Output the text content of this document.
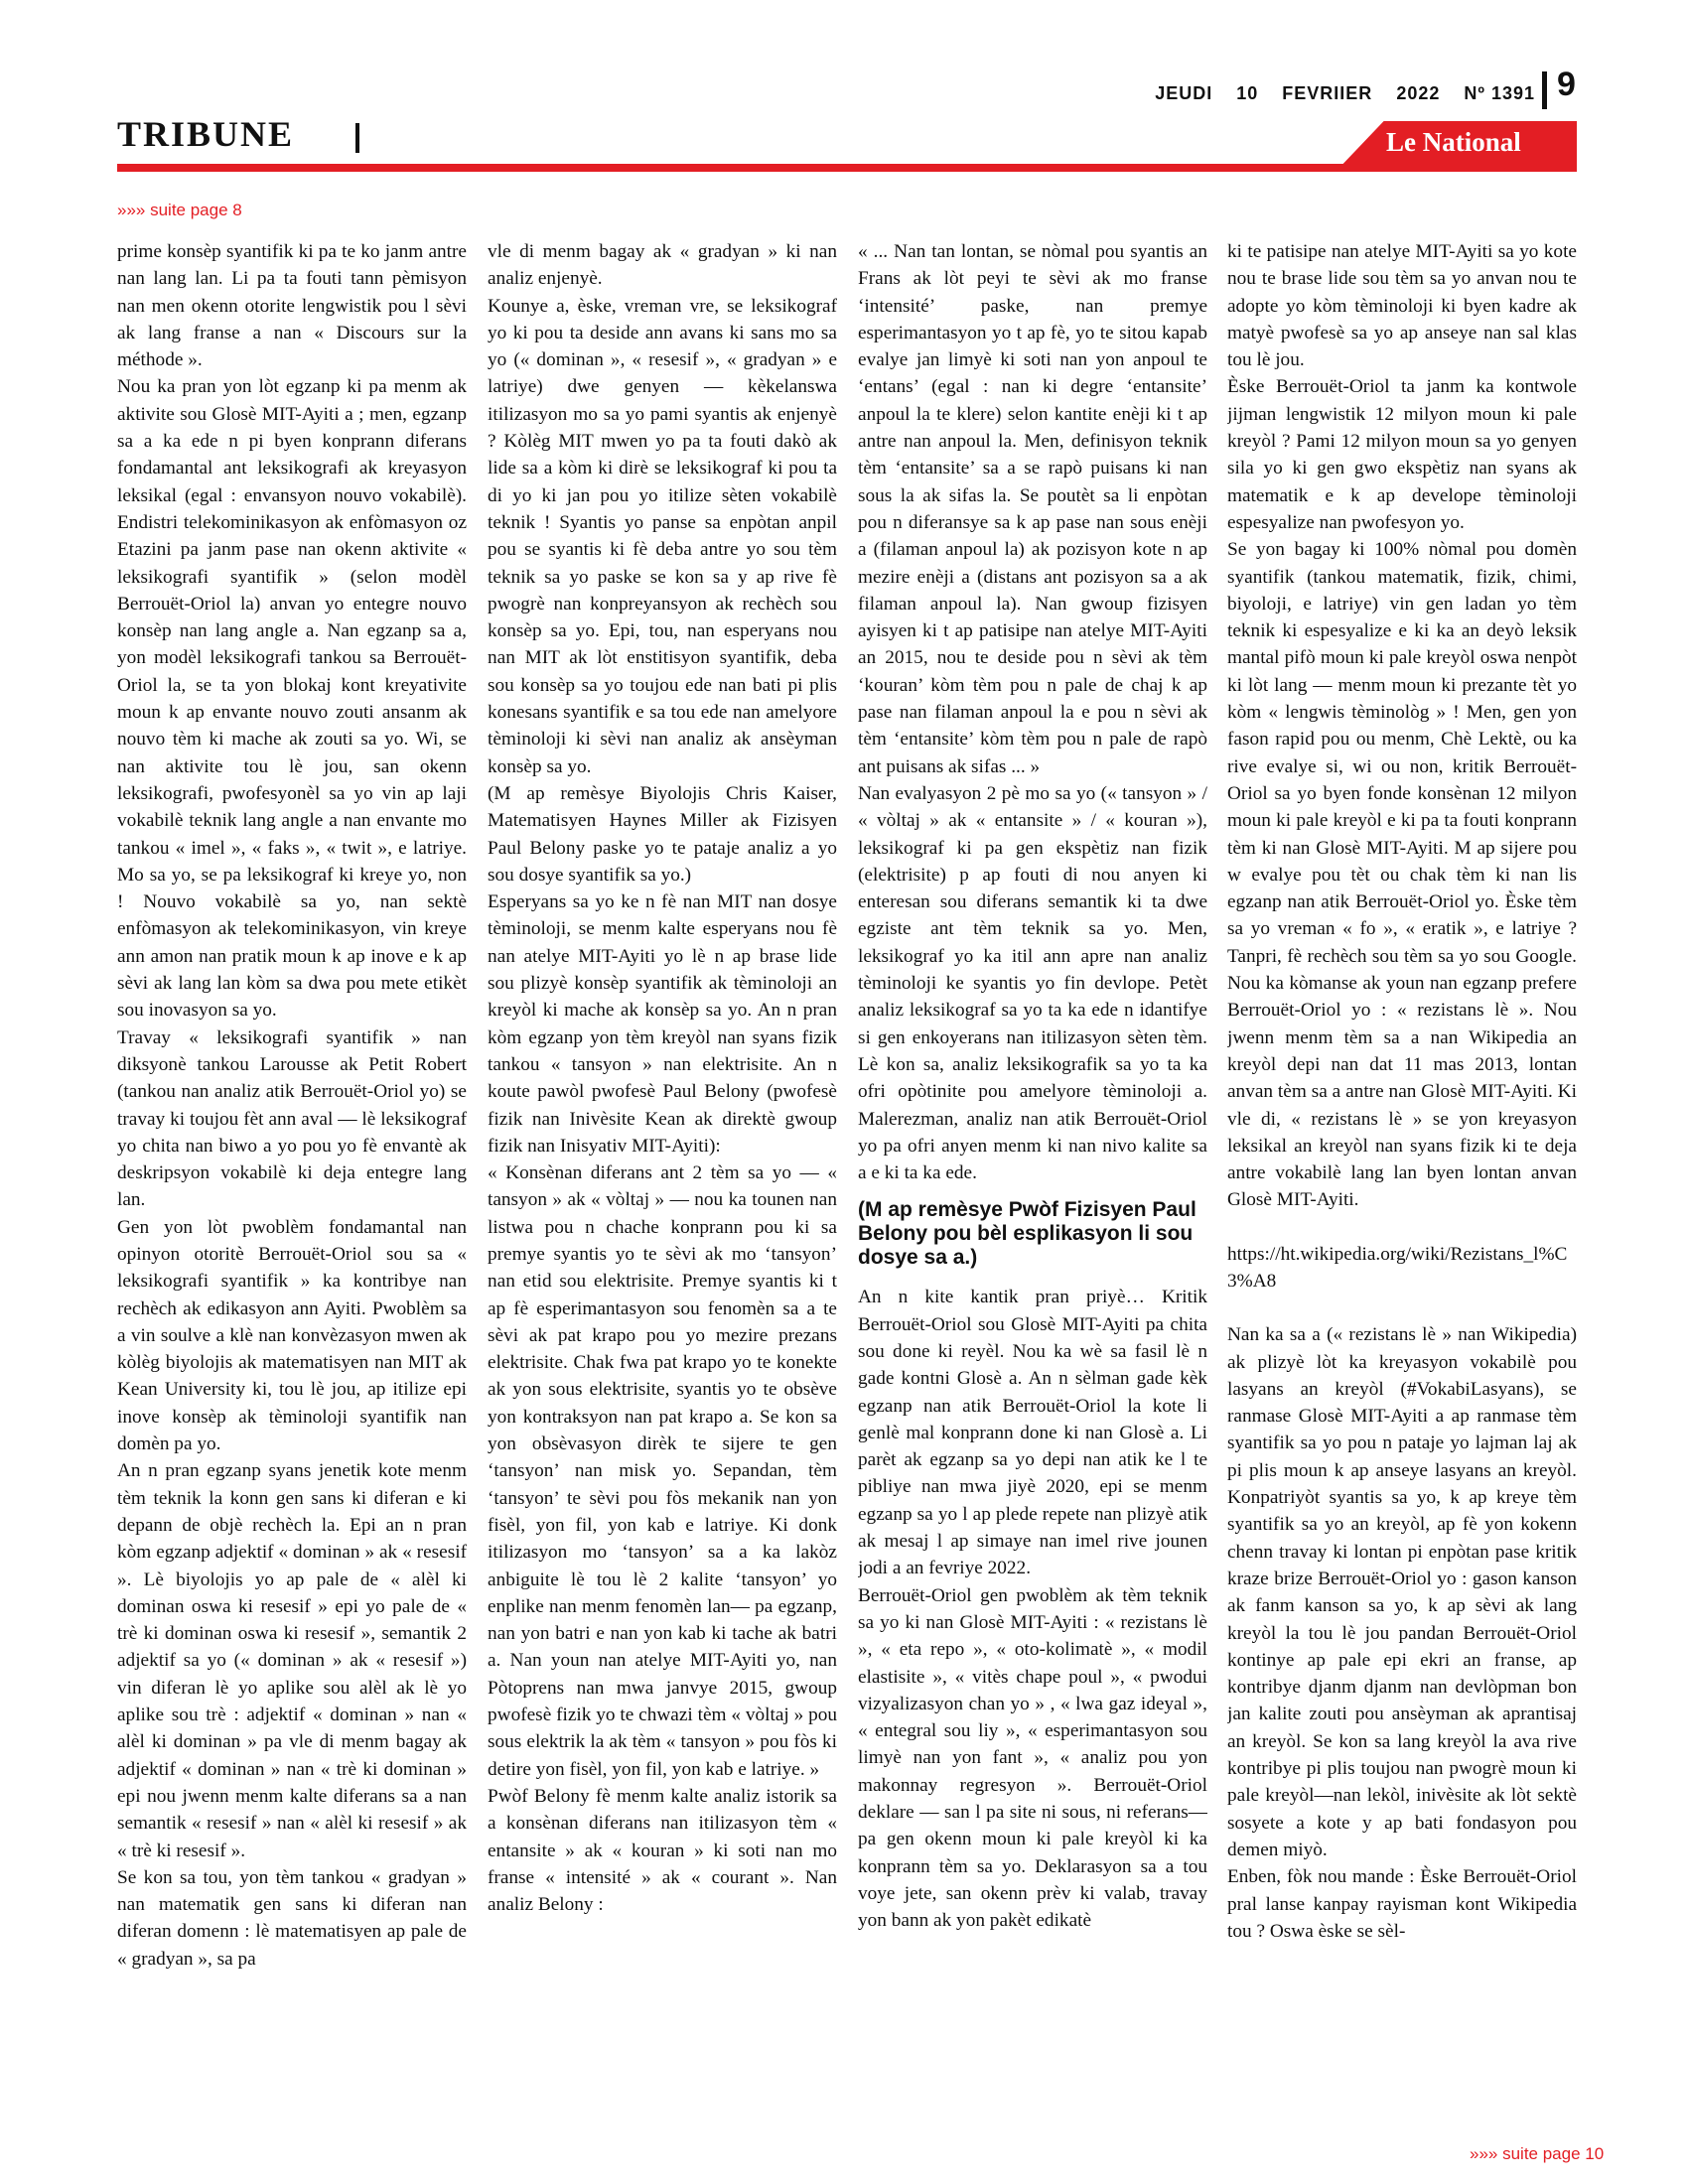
JEUDI 10 FEVRIIER 2022 Nº 1391 9
TRIBUNE	Le National
»»» suite page 8

prime konsèp syantifik ki pa te ko janm antre nan lang lan. Li pa ta fouti tann pèmisyon nan men okenn otorite lengwistik pou l sèvi ak lang franse a nan « Discours sur la méthode ».

Nou ka pran yon lòt egzanp ki pa menm ak aktivite sou Glosè MIT-Ayiti a ; men, egzanp sa a ka ede n pi byen konprann diferans fondamantal ant leksikografi ak kreyasyon leksikal (egal : envansyon nouvo vokabilè). Endistri telekominikasyon ak enfòmasyon oz Etazini pa janm pase nan okenn aktivite « leksikografi syantifik » (selon modèl Berrouët-Oriol la) anvan yo entegre nouvo konsèp nan lang angle a. Nan egzanp sa a, yon modèl leksikografi tankou sa Berrouët-Oriol la, se ta yon blokaj kont kreyativite moun k ap envante nouvo zouti ansanm ak nouvo tèm ki mache ak zouti sa yo. Wi, se nan aktivite tou lè jou, san okenn leksikografi, pwofesyonèl sa yo vin ap laji vokabilè teknik lang angle a nan envante mo tankou « imel », « faks », « twit », e latriye. Mo sa yo, se pa leksikograf ki kreye yo, non ! Nouvo vokabilè sa yo, nan sektè enfòmasyon ak telekominikasyon, vin kreye ann amon nan pratik moun k ap inove e k ap sèvi ak lang lan kòm sa dwa pou mete etikèt sou inovasyon sa yo.

Travay « leksikografi syantifik » nan diksyonè tankou Larousse ak Petit Robert (tankou nan analiz atik Berrouët-Oriol yo) se travay ki toujou fèt ann aval — lè leksikograf yo chita nan biwo a yo pou yo fè envantè ak deskripsyon vokabilè ki deja entegre lang lan.

Gen yon lòt pwoblèm fondamantal nan opinyon otoritè Berrouët-Oriol sou sa « leksikografi syantifik » ka kontribye nan rechèch ak edikasyon ann Ayiti. Pwoblèm sa a vin soulve a klè nan konvèzasyon mwen ak kòlèg biyolojis ak matematisyen nan MIT ak Kean University ki, tou lè jou, ap itilize epi inove konsèp ak tèminoloji syantifik nan domèn pa yo.

An n pran egzanp syans jenetik kote menm tèm teknik la konn gen sans ki diferan e ki depann de objè rechèch la. Epi an n pran kòm egzanp adjektif « dominan » ak « resesif ». Lè biyolojis yo ap pale de « alèl ki dominan oswa ki resesif » epi yo pale de « trè ki dominan oswa ki resesif », semantik 2 adjektif sa yo (« dominan » ak « resesif ») vin diferan lè yo aplike sou alèl ak lè yo aplike sou trè : adjektif « dominan » nan « alèl ki dominan » pa vle di menm bagay ak adjektif « dominan » nan « trè ki dominan » epi nou jwenn menm kalte diferans sa a nan semantik « resesif » nan « alèl ki resesif » ak « trè ki resesif ».

Se kon sa tou, yon tèm tankou « gradyan » nan matematik gen sans ki diferan nan diferan domenn : lè matematisyen ap pale de « gradyan », sa pa

vle di menm bagay ak « gradyan » ki nan analiz enjenyè.

Kounye a, èske, vreman vre, se leksikograf yo ki pou ta deside ann avans ki sans mo sa yo (« dominan », « resesif », « gradyan » e latriye) dwe genyen — kèkelanswa itilizasyon mo sa yo pami syantis ak enjenyè ? Kòlèg MIT mwen yo pa ta fouti dakò ak lide sa a kòm ki dirè se leksikograf ki pou ta di yo ki jan pou yo itilize sèten vokabilè teknik ! Syantis yo panse sa enpòtan anpil pou se syantis ki fè deba antre yo sou tèm teknik sa yo paske se kon sa y ap rive fè pwogrè nan konpreyansyon ak rechèch sou konsèp sa yo. Epi, tou, nan esperyans nou nan MIT ak lòt enstitisyon syantifik, deba sou konsèp sa yo toujou ede nan bati pi plis konesans syantifik e sa tou ede nan amelyore tèminoloji ki sèvi nan analiz ak ansèyman konsèp sa yo.

(M ap remèsye Biyolojis Chris Kaiser, Matematisyen Haynes Miller ak Fizisyen Paul Belony paske yo te pataje analiz a yo sou dosye syantifik sa yo.)

Esperyans sa yo ke n fè nan MIT nan dosye tèminoloji, se menm kalte esperyans nou fè nan atelye MIT-Ayiti yo lè n ap brase lide sou plizyè konsèp syantifik ak tèminoloji an kreyòl ki mache ak konsèp sa yo. An n pran kòm egzanp yon tèm kreyòl nan syans fizik tankou « tansyon » nan elektrisite. An n koute pawòl pwofesè Paul Belony (pwofesè fizik nan Inivèsite Kean ak direktè gwoup fizik nan Inisyativ MIT-Ayiti):

« Konsènan diferans ant 2 tèm sa yo — « tansyon » ak « vòltaj » — nou ka tounen nan listwa pou n chache konprann pou ki sa premye syantis yo te sèvi ak mo ‘tansyon’ nan etid sou elektrisite. Premye syantis ki t ap fè esperimantasyon sou fenomèn sa a te sèvi ak pat krapo pou yo mezire prezans elektrisite. Chak fwa pat krapo yo te konekte ak yon sous elektrisite, syantis yo te obsève yon kontraksyon nan pat krapo a. Se kon sa yon obsèvasyon dirèk te sijere te gen ‘tansyon’ nan misk yo. Sepandan, tèm ‘tansyon’ te sèvi pou fòs mekanik nan yon fisèl, yon fil, yon kab e latriye. Ki donk itilizasyon mo ‘tansyon’ sa a ka lakòz anbiguite lè tou lè 2 kalite ‘tansyon’ yo enplike nan menm fenomèn lan— pa egzanp, nan yon batri e nan yon kab ki tache ak batri a. Nan youn nan atelye MIT-Ayiti yo, nan Pòtoprens nan mwa janvye 2015, gwoup pwofesè fizik yo te chwazi tèm « vòltaj » pou sous elektrik la ak tèm « tansyon » pou fòs ki detire yon fisèl, yon fil, yon kab e latriye. »

Pwòf Belony fè menm kalte analiz istorik sa a konsènan diferans nan itilizasyon tèm « entansite » ak « kouran » ki soti nan mo franse « intensité » ak « courant ». Nan analiz Belony :

« ... Nan tan lontan, se nòmal pou syantis an Frans ak lòt peyi te sèvi ak mo franse ‘intensité’ paske, nan premye esperimantasyon yo t ap fè, yo te sitou kapab evalye jan limyè ki soti nan yon anpoul te ‘entans’ (egal : nan ki degre ‘entansite’ anpoul la te klere) selon kantite enèji ki t ap antre nan anpoul la. Men, definisyon teknik tèm ‘entansite’ sa a se rapò puisans ki nan sous la ak sifas la. Se poutèt sa li enpòtan pou n diferansye sa k ap pase nan sous enèji a (filaman anpoul la) ak pozisyon kote n ap mezire enèji a (distans ant pozisyon sa a ak filaman anpoul la). Nan gwoup fizisyen ayisyen ki t ap patisipe nan atelye MIT-Ayiti an 2015, nou te deside pou n sèvi ak tèm ‘kouran’ kòm tèm pou n pale de chaj k ap pase nan filaman anpoul la e pou n sèvi ak tèm ‘entansite’ kòm tèm pou n pale de rapò ant puisans ak sifas ... »

Nan evalyasyon 2 pè mo sa yo (« tansyon » / « vòltaj » ak « entansite » / « kouran »), leksikograf ki pa gen ekspètiz nan fizik (elektrisite) p ap fouti di nou anyen ki enteresan sou diferans semantik ki ta dwe egziste ant tèm teknik sa yo. Men, leksikograf yo ka itil ann apre nan analiz tèminoloji ke syantis yo fin devlope. Petèt analiz leksikograf sa yo ta ka ede n idantifye si gen enkoyerans nan itilizasyon sèten tèm. Lè kon sa, analiz leksikografik sa yo ta ka ofri opòtinite pou amelyore tèminoloji a. Malerezman, analiz nan atik Berrouët-Oriol yo pa ofri anyen menm ki nan nivo kalite sa a e ki ta ka ede.

(M ap remèsye Pwòf Fizisyen Paul Belony pou bèl esplikasyon li sou dosye sa a.)

An n kite kantik pran priyè… Kritik Berrouët-Oriol sou Glosè MIT-Ayiti pa chita sou done ki reyèl. Nou ka wè sa fasil lè n gade kontni Glosè a. An n sèlman gade kèk egzanp nan atik Berrouët-Oriol la kote li genlè mal konprann done ki nan Glosè a. Li parèt ak egzanp sa yo depi nan atik ke l te pibliye nan mwa jiyè 2020, epi se menm egzanp sa yo l ap plede repete nan plizyè atik ak mesaj l ap simaye nan imel rive jounen jodi a an fevriye 2022.

Berrouët-Oriol gen pwoblèm ak tèm teknik sa yo ki nan Glosè MIT-Ayiti : « rezistans lè », « eta repo », « oto-kolimatè », « modil elastisite », « vitès chape poul », « pwodui vizyalizasyon chan yo » , « lwa gaz ideyal », « entegral sou liy », « esperimantasyon sou limyè nan yon fant », « analiz pou yon makonnay regresyon ». Berrouët-Oriol deklare — san l pa site ni sous, ni referans— pa gen okenn moun ki pale kreyòl ki ka konprann tèm sa yo. Deklarasyon sa a tou voye jete, san okenn prèv ki valab, travay yon bann ak yon pakèt edikatè

ki te patisipe nan atelye MIT-Ayiti sa yo kote nou te brase lide sou tèm sa yo anvan nou te adopte yo kòm tèminoloji ki byen kadre ak matyè pwofesè sa yo ap anseye nan sal klas tou lè jou.

Èske Berrouët-Oriol ta janm ka kontwole jijman lengwistik 12 milyon moun ki pale kreyòl ? Pami 12 milyon moun sa yo genyen sila yo ki gen gwo ekspètiz nan syans ak matematik e k ap develope tèminoloji espesyalize nan pwofesyon yo.

Se yon bagay ki 100% nòmal pou domèn syantifik (tankou matematik, fizik, chimi, biyoloji, e latriye) vin gen ladan yo tèm teknik ki espesyalize e ki ka an deyò leksik mantal pifò moun ki pale kreyòl oswa nenpòt ki lòt lang — menm moun ki prezante tèt yo kòm « lengwis tèminològ » ! Men, gen yon fason rapid pou ou menm, Chè Lektè, ou ka rive evalye si, wi ou non, kritik Berrouët-Oriol sa yo byen fonde konsènan 12 milyon moun ki pale kreyòl e ki pa ta fouti konprann tèm ki nan Glosè MIT-Ayiti. M ap sijere pou w evalye pou tèt ou chak tèm ki nan lis egzanp nan atik Berrouët-Oriol yo. Èske tèm sa yo vreman « fo », « eratik », e latriye ? Tanpri, fè rechèch sou tèm sa yo sou Google. Nou ka kòmanse ak youn nan egzanp prefere Berrouët-Oriol yo : « rezistans lè ». Nou jwenn menm tèm sa a nan Wikipedia an kreyòl depi nan dat 11 mas 2013, lontan anvan tèm sa a antre nan Glosè MIT-Ayiti. Ki vle di, « rezistans lè » se yon kreyasyon leksikal an kreyòl nan syans fizik ki te deja antre vokabilè lang lan byen lontan anvan Glosè MIT-Ayiti.

https://ht.wikipedia.org/wiki/Rezistans_l%C3%A8

Nan ka sa a (« rezistans lè » nan Wikipedia) ak plizyè lòt ka kreyasyon vokabilè pou lasyans an kreyòl (#VokabiLasyans), se ranmase Glosè MIT-Ayiti a ap ranmase tèm syantifik sa yo pou n pataje yo lajman laj ak pi plis moun k ap anseye lasyans an kreyòl. Konpatriyòt syantis sa yo, k ap kreye tèm syantifik sa yo an kreyòl, ap fè yon kokenn chenn travay ki lontan pi enpòtan pase kritik kraze brize Berrouët-Oriol yo : gason kanson ak fanm kanson sa yo, k ap sèvi ak lang kreyòl la tou lè jou pandan Berrouët-Oriol kontinye ap pale epi ekri an franse, ap kontribye djanm djanm nan devlòpman bon jan kalite zouti pou ansèyman ak aprantisaj an kreyòl. Se kon sa lang kreyòl la ava rive kontribye pi plis toujou nan pwogrè moun ki pale kreyòl—nan lekòl, inivèsite ak lòt sektè sosyete a kote y ap bati fondasyon pou demen miyò.

Enben, fòk nou mande : Èske Berrouët-Oriol pral lanse kanpay rayisman kont Wikipedia tou ? Oswa èske se sèl-

»»» suite page 10
